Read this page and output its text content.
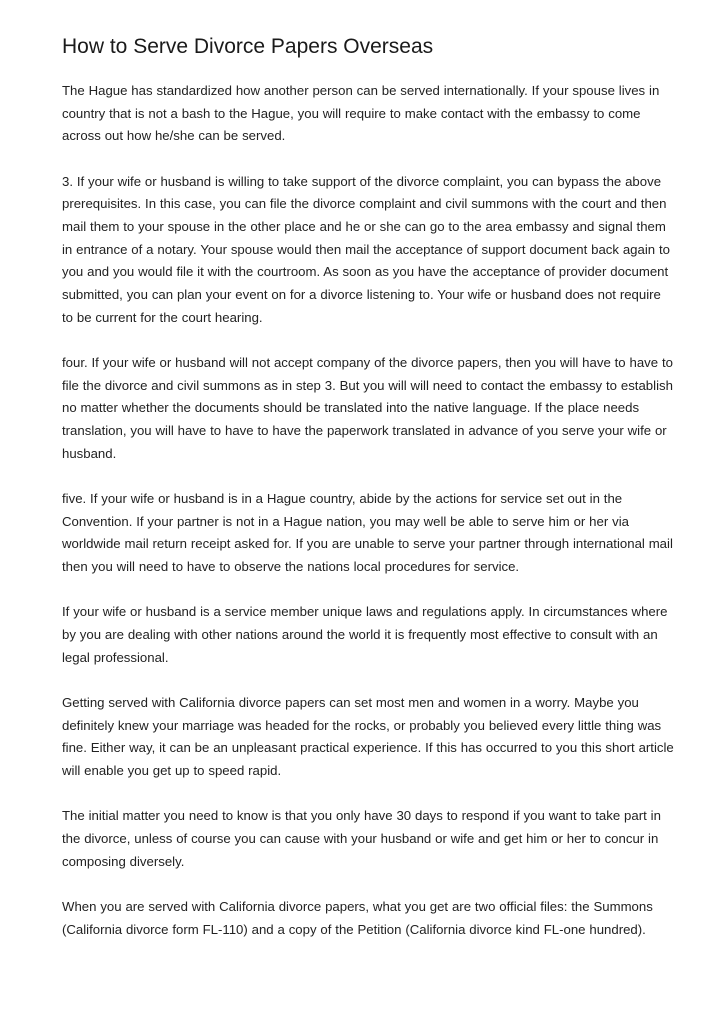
How to Serve Divorce Papers Overseas

The Hague has standardized how another person can be served internationally. If your spouse lives in country that is not a bash to the Hague, you will require to make contact with the embassy to come across out how he/she can be served.

3. If your wife or husband is willing to take support of the divorce complaint, you can bypass the above prerequisites. In this case, you can file the divorce complaint and civil summons with the court and then mail them to your spouse in the other place and he or she can go to the area embassy and signal them in entrance of a notary. Your spouse would then mail the acceptance of support document back again to you and you would file it with the courtroom. As soon as you have the acceptance of provider document submitted, you can plan your event on for a divorce listening to. Your wife or husband does not require to be current for the court hearing.

four. If your wife or husband will not accept company of the divorce papers, then you will have to have to file the divorce and civil summons as in step 3. But you will will need to contact the embassy to establish no matter whether the documents should be translated into the native language. If the place needs translation, you will have to have to have the paperwork translated in advance of you serve your wife or husband.

five. If your wife or husband is in a Hague country, abide by the actions for service set out in the Convention. If your partner is not in a Hague nation, you may well be able to serve him or her via worldwide mail return receipt asked for. If you are unable to serve your partner through international mail then you will need to have to observe the nations local procedures for service.

If your wife or husband is a service member unique laws and regulations apply. In circumstances where by you are dealing with other nations around the world it is frequently most effective to consult with an legal professional.

Getting served with California divorce papers can set most men and women in a worry. Maybe you definitely knew your marriage was headed for the rocks, or probably you believed every little thing was fine. Either way, it can be an unpleasant practical experience. If this has occurred to you this short article will enable you get up to speed rapid.

The initial matter you need to know is that you only have 30 days to respond if you want to take part in the divorce, unless of course you can cause with your husband or wife and get him or her to concur in composing diversely.

When you are served with California divorce papers, what you get are two official files: the Summons (California divorce form FL-110) and a copy of the Petition (California divorce kind FL-one hundred).
